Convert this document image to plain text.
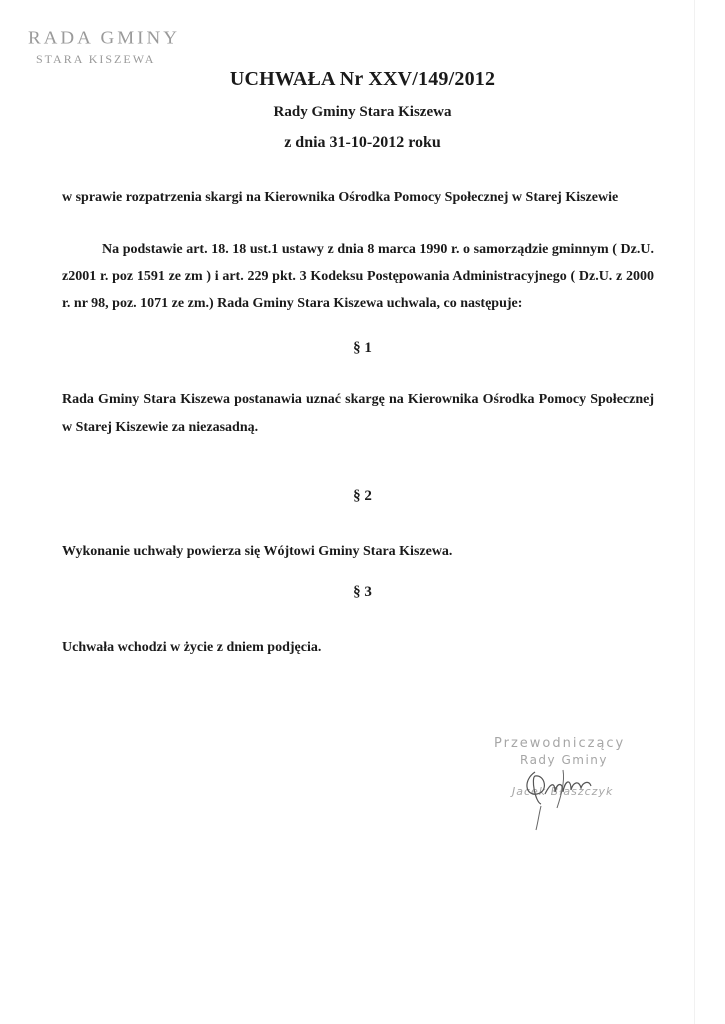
RADA GMINY
STARA KISZEWA
UCHWAŁA Nr XXV/149/2012
Rady Gminy Stara Kiszewa
z dnia 31-10-2012 roku
w sprawie rozpatrzenia skargi na Kierownika Ośrodka Pomocy Społecznej w Starej Kiszewie
Na podstawie art. 18. 18 ust.1 ustawy z dnia 8 marca 1990 r. o samorządzie gminnym ( Dz.U. z2001 r. poz 1591 ze zm ) i art. 229 pkt. 3 Kodeksu Postępowania Administracyjnego ( Dz.U. z 2000 r. nr 98, poz. 1071 ze zm.) Rada Gminy Stara Kiszewa uchwala, co następuje:
§ 1
Rada Gminy Stara Kiszewa postanawia uznać skargę na Kierownika Ośrodka Pomocy Społecznej w Starej Kiszewie za niezasadną.
§ 2
Wykonanie uchwały powierza się Wójtowi Gminy Stara Kiszewa.
§ 3
Uchwała wchodzi w życie z dniem podjęcia.
Przewodniczący
Rady Gminy
Jacek Błaszczyk
